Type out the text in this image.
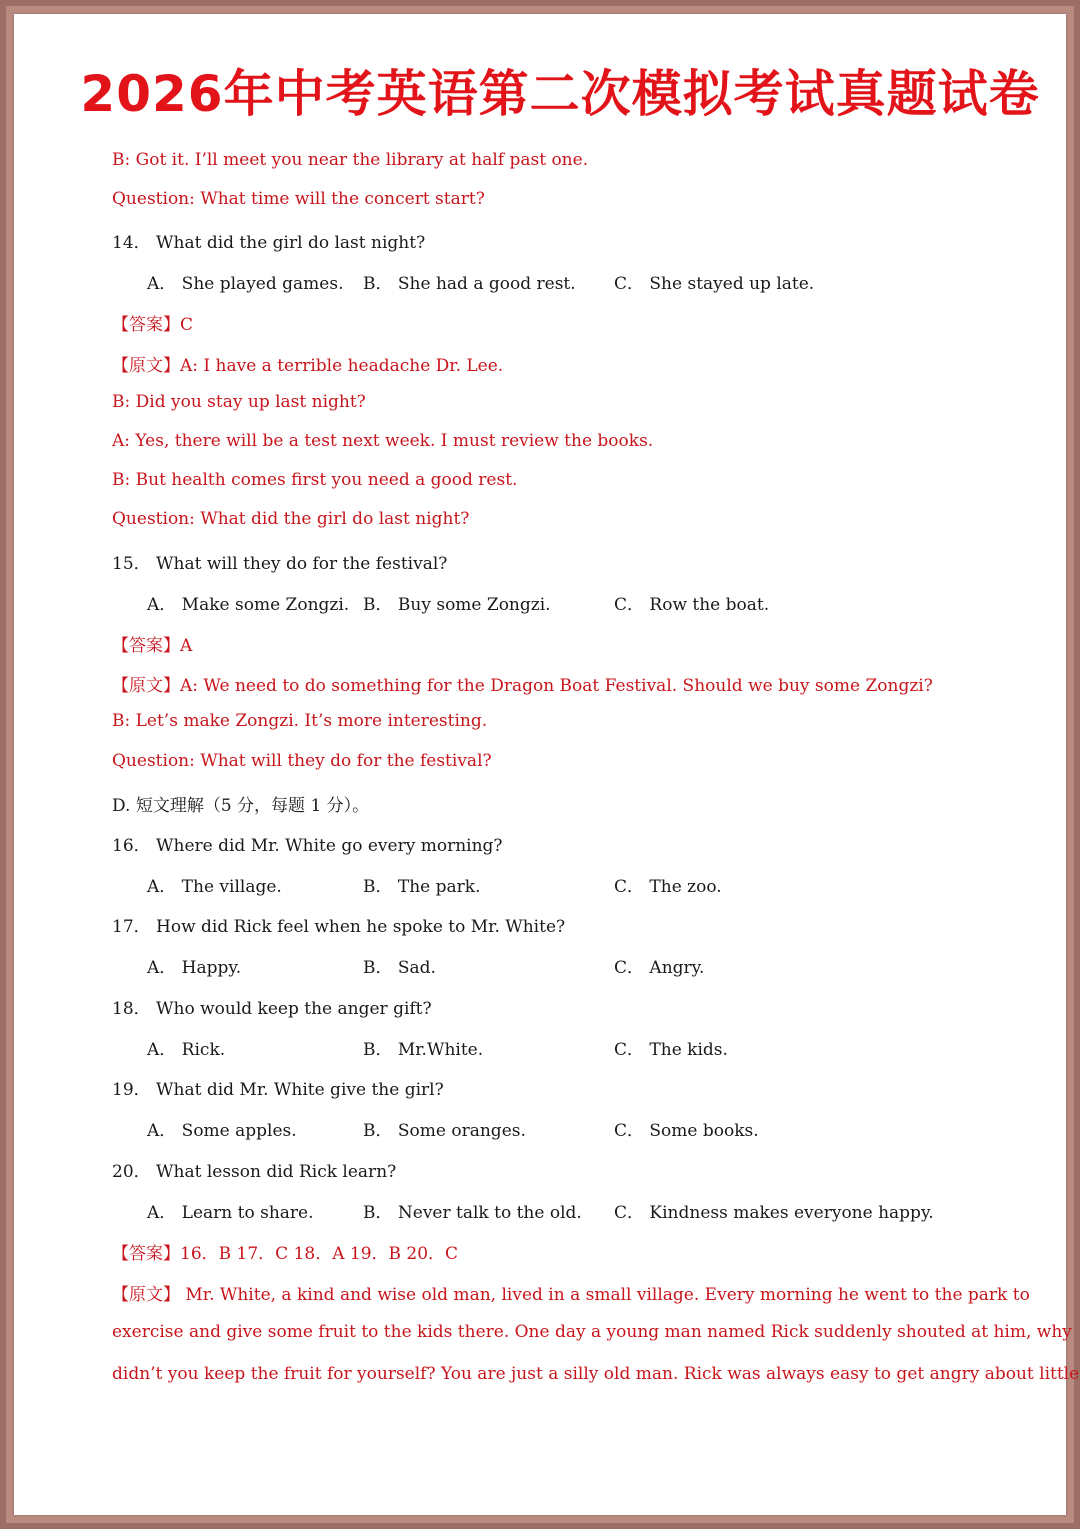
2026年中考英语第二次模拟考试真题试卷
B: Got it. I’ll meet you near the library at half past one.
Question: What time will the concert start?
14． What did the girl do last night?
【答案】C
【原文】A: I have a terrible headache Dr. Lee.
B: Did you stay up last night?
A: Yes, there will be a test next week. I must review the books.
B: But health comes first you need a good rest.
Question: What did the girl do last night?
15． What will they do for the festival?
【答案】A
【原文】A: We need to do something for the Dragon Boat Festival. Should we buy some Zongzi?
B: Let’s make Zongzi. It’s more interesting.
Question: What will they do for the festival?
D. 短文理解（5 分，每题 1 分）。
16． Where did Mr. White go every morning?
17． How did Rick feel when he spoke to Mr. White?
18． Who would keep the anger gift?
19． What did Mr. White give the girl?
20． What lesson did Rick learn?
【答案】16．B 17．C 18．A 19．B 20．C
【原文】 Mr. White, a kind and wise old man, lived in a small village. Every morning he went to the park to
exercise and give some fruit to the kids there. One day a young man named Rick suddenly shouted at him, why
didn’t you keep the fruit for yourself? You are just a silly old man. Rick was always easy to get angry about little
A． She played games. B． She had a good rest. C． She stayed up late.
A． Make some Zongzi. B． Buy some Zongzi.	C． Row the boat.
A． The village.	B． The park.	C． The zoo.
A． Happy.	B． Sad.	C． Angry.
A． Rick.	B． Mr.White.	C． The kids.
A． Some apples.	B． Some oranges.	C． Some books.
A． Learn to share.	B． Never talk to the old. C． Kindness makes everyone happy.
